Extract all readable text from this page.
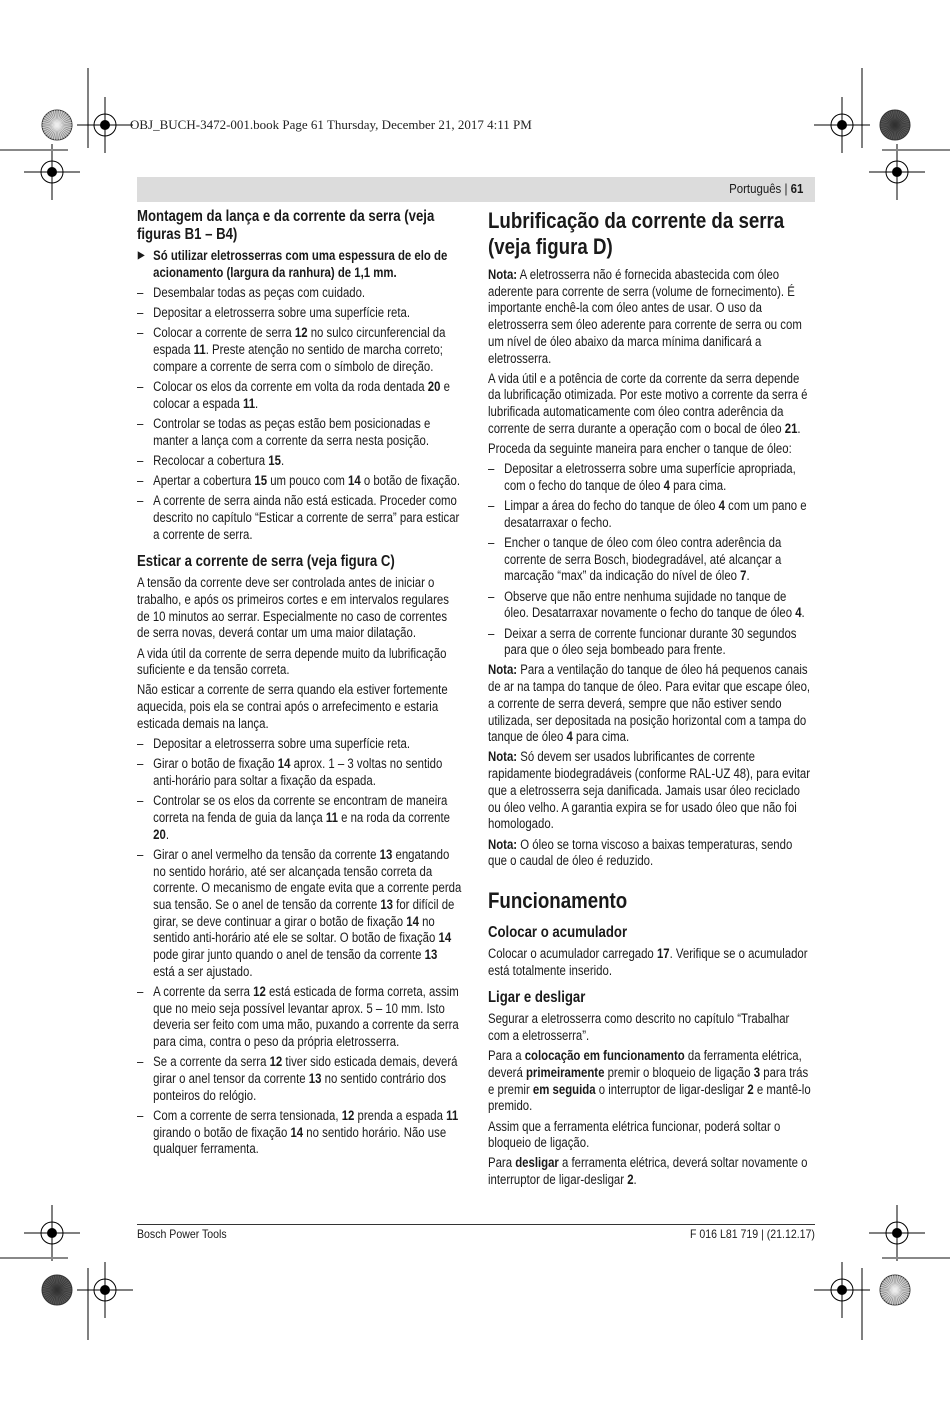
OBJ_BUCH-3472-001.book Page 61 Thursday, December 21, 2017 4:11 PM
Português | 61
Montagem da lança e da corrente da serra (veja figuras B1 – B4)

▶ Só utilizar eletrosserras com uma espessura de elo de acionamento (largura da ranhura) de 1,1 mm.

– Desembalar todas as peças com cuidado.

– Depositar a eletrosserra sobre uma superfície reta.

– Colocar a corrente de serra 12 no sulco circunferencial da espada 11. Preste atenção no sentido de marcha correto; compare a corrente de serra com o símbolo de direção.

– Colocar os elos da corrente em volta da roda dentada 20 e colocar a espada 11.

– Controlar se todas as peças estão bem posicionadas e manter a lança com a corrente da serra nesta posição.

– Recolocar a cobertura 15.

– Apertar a cobertura 15 um pouco com 14 o botão de fixação.

– A corrente de serra ainda não está esticada. Proceder como descrito no capítulo “Esticar a corrente de serra” para esticar a corrente de serra.

Esticar a corrente de serra (veja figura C)

A tensão da corrente deve ser controlada antes de iniciar o trabalho, e após os primeiros cortes e em intervalos regulares de 10 minutos ao serrar. Especialmente no caso de correntes de serra novas, deverá contar um uma maior dilatação.

A vida útil da corrente de serra depende muito da lubrificação suficiente e da tensão correta.

Não esticar a corrente de serra quando ela estiver fortemente aquecida, pois ela se contrai após o arrefecimento e estaria esticada demais na lança.

– Depositar a eletrosserra sobre uma superfície reta.

– Girar o botão de fixação 14 aprox. 1 – 3 voltas no sentido anti-horário para soltar a fixação da espada.

– Controlar se os elos da corrente se encontram de maneira correta na fenda de guia da lança 11 e na roda da corrente 20.

– Girar o anel vermelho da tensão da corrente 13 engatando no sentido horário, até ser alcançada tensão correta da corrente. O mecanismo de engate evita que a corrente perda sua tensão. Se o anel de tensão da corrente 13 for difícil de girar, se deve continuar a girar o botão de fixação 14 no sentido anti-horário até ele se soltar. O botão de fixação 14 pode girar junto quando o anel de tensão da corrente 13 está a ser ajustado.

– A corrente da serra 12 está esticada de forma correta, assim que no meio seja possível levantar aprox. 5 – 10 mm. Isto deveria ser feito com uma mão, puxando a corrente da serra para cima, contra o peso da própria eletrosserra.

– Se a corrente da serra 12 tiver sido esticada demais, deverá girar o anel tensor da corrente 13 no sentido contrário dos ponteiros do relógio.

– Com a corrente de serra tensionada, 12 prenda a espada 11 girando o botão de fixação 14 no sentido horário. Não use qualquer ferramenta.

Lubrificação da corrente da serra (veja figura D)

Nota: A eletrosserra não é fornecida abastecida com óleo aderente para corrente de serra (volume de fornecimento). É importante enchê-la com óleo antes de usar. O uso da eletrosserra sem óleo aderente para corrente de serra ou com um nível de óleo abaixo da marca mínima danificará a eletrosserra.

A vida útil e a potência de corte da corrente da serra depende da lubrificação otimizada. Por este motivo a corrente da serra é lubrificada automaticamente com óleo contra aderência da corrente de serra durante a operação com o bocal de óleo 21.

Proceda da seguinte maneira para encher o tanque de óleo:

– Depositar a eletrosserra sobre uma superfície apropriada, com o fecho do tanque de óleo 4 para cima.

– Limpar a área do fecho do tanque de óleo 4 com um pano e desatarraxar o fecho.

– Encher o tanque de óleo com óleo contra aderência da corrente de serra Bosch, biodegradável, até alcançar a marcação “max” da indicação do nível de óleo 7.

– Observe que não entre nenhuma sujidade no tanque de óleo. Desatarraxar novamente o fecho do tanque de óleo 4.

– Deixar a serra de corrente funcionar durante 30 segundos para que o óleo seja bombeado para frente.

Nota: Para a ventilação do tanque de óleo há pequenos canais de ar na tampa do tanque de óleo. Para evitar que escape óleo, a corrente de serra deverá, sempre que não estiver sendo utilizada, ser depositada na posição horizontal com a tampa do tanque de óleo 4 para cima.

Nota: Só devem ser usados lubrificantes de corrente rapidamente biodegradáveis (conforme RAL-UZ 48), para evitar que a eletrosserra seja danificada. Jamais usar óleo reciclado ou óleo velho. A garantia expira se for usado óleo que não foi homologado.

Nota: O óleo se torna viscoso a baixas temperaturas, sendo que o caudal de óleo é reduzido.

Funcionamento
Colocar o acumulador

Colocar o acumulador carregado 17. Verifique se o acumulador está totalmente inserido.

Ligar e desligar

Segurar a eletrosserra como descrito no capítulo “Trabalhar com a eletrosserra”.

Para a colocação em funcionamento da ferramenta elétrica, deverá primeiramente premir o bloqueio de ligação 3 para trás e premir em seguida o interruptor de ligar-desligar 2 e mantê-lo premido.

Assim que a ferramenta elétrica funcionar, poderá soltar o bloqueio de ligação.

Para desligar a ferramenta elétrica, deverá soltar novamente o interruptor de ligar-desligar 2.

Bosch Power Tools	F 016 L81 719 | (21.12.17)
